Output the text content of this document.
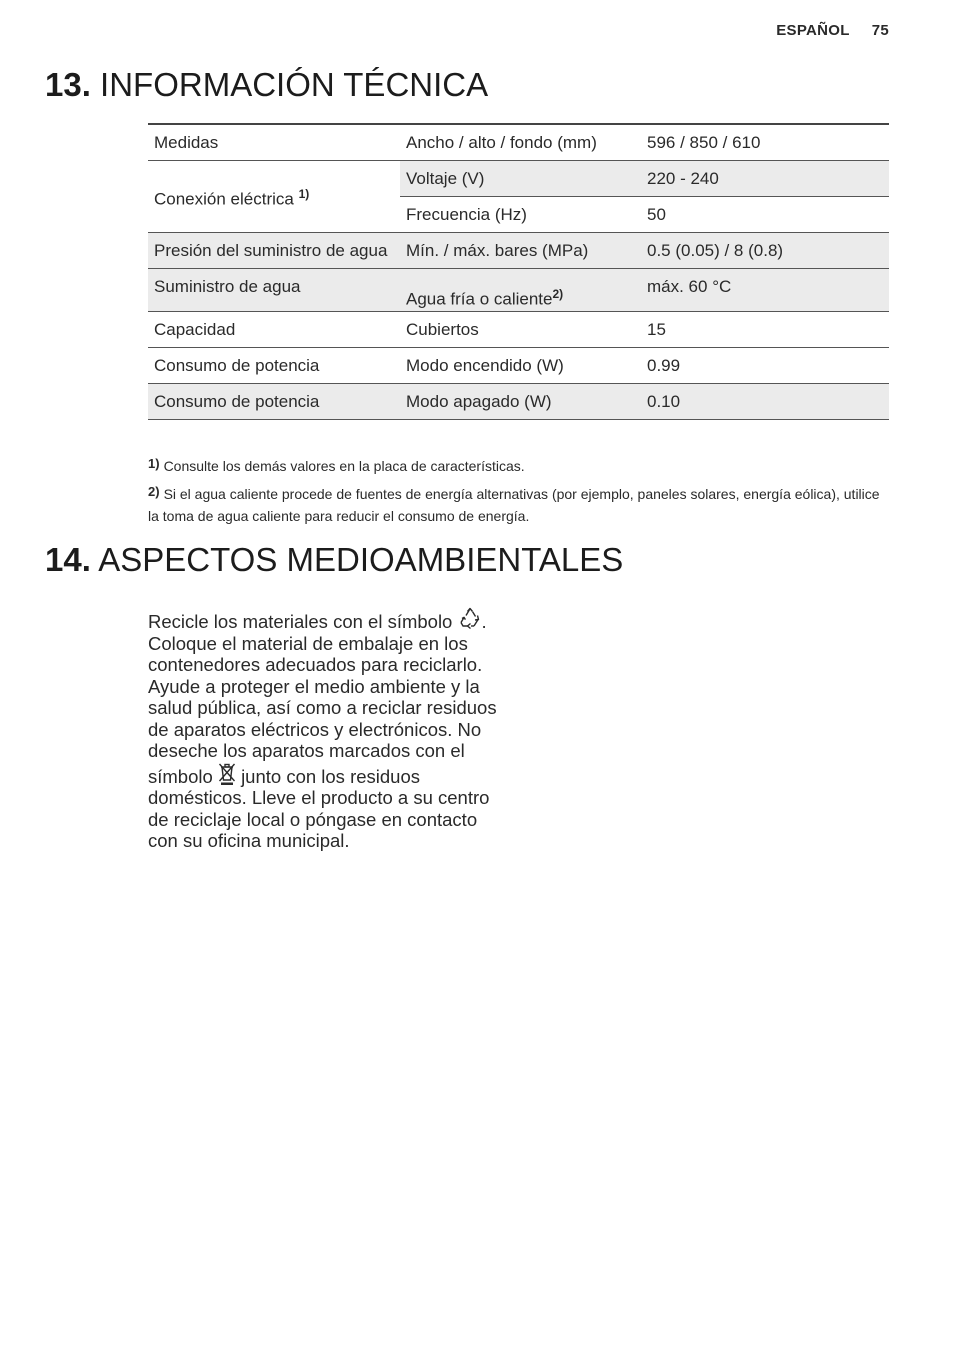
ESPAÑOL 75
13. INFORMACIÓN TÉCNICA
Medidas	Ancho / alto / fondo (mm)	596 / 850 / 610
Conexión eléctrica $^{1)}$	Voltaje (V)	220 - 240
	Frecuencia (Hz)	50
Presión del suministro de agua	Mín. / máx. bares (MPa)	0.5 (0.05) / 8 (0.8)
Suministro de agua	Agua fría o caliente$^{2)}$	máx. 60 °C
Capacidad	Cubiertos	15
Consumo de potencia	Modo encendido (W)	0.99
Consumo de potencia	Modo apagado (W)	0.10
1) Consulte los demás valores en la placa de características.
2) Si el agua caliente procede de fuentes de energía alternativas (por ejemplo, paneles solares, energía eólica), utilice la toma de agua caliente para reducir el consumo de energía.
14. ASPECTOS MEDIOAMBIENTALES

Recicle los materiales con el símbolo . Coloque el material de embalaje en los contenedores adecuados para reciclarlo. Ayude a proteger el medio ambiente y la salud pública, así como a reciclar residuos de aparatos eléctricos y electrónicos. No deseche los aparatos marcados con el símbolo junto con los residuos domésticos. Lleve el producto a su centro de reciclaje local o póngase en contacto con su oficina municipal.
